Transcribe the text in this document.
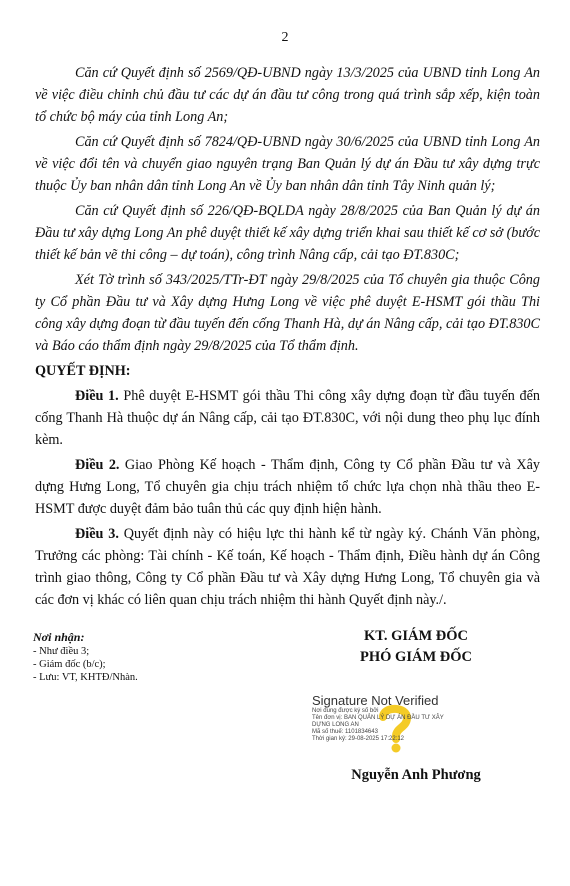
2

Căn cứ Quyết định số 2569/QĐ-UBND ngày 13/3/2025 của UBND tỉnh Long An về việc điều chỉnh chủ đầu tư các dự án đầu tư công trong quá trình sắp xếp, kiện toàn tổ chức bộ máy của tỉnh Long An;

Căn cứ Quyết định số 7824/QĐ-UBND ngày 30/6/2025 của UBND tỉnh Long An về việc đổi tên và chuyển giao nguyên trạng Ban Quản lý dự án Đầu tư xây dựng trực thuộc Ủy ban nhân dân tỉnh Long An về Ủy ban nhân dân tỉnh Tây Ninh quản lý;

Căn cứ Quyết định số 226/QĐ-BQLDA ngày 28/8/2025 của Ban Quản lý dự án Đầu tư xây dựng Long An phê duyệt thiết kế xây dựng triển khai sau thiết kế cơ sở (bước thiết kế bản vẽ thi công – dự toán), công trình Nâng cấp, cải tạo ĐT.830C;

Xét Tờ trình số 343/2025/TTr-ĐT ngày 29/8/2025 của Tổ chuyên gia thuộc Công ty Cổ phần Đầu tư và Xây dựng Hưng Long về việc phê duyệt E-HSMT gói thầu Thi công xây dựng đoạn từ đầu tuyến đến cống Thanh Hà, dự án Nâng cấp, cải tạo ĐT.830C và Báo cáo thẩm định ngày 29/8/2025 của Tổ thẩm định.

QUYẾT ĐỊNH:

Điều 1. Phê duyệt E-HSMT gói thầu Thi công xây dựng đoạn từ đầu tuyến đến cống Thanh Hà thuộc dự án Nâng cấp, cải tạo ĐT.830C, với nội dung theo phụ lục đính kèm.

Điều 2. Giao Phòng Kế hoạch - Thẩm định, Công ty Cổ phần Đầu tư và Xây dựng Hưng Long, Tổ chuyên gia chịu trách nhiệm tổ chức lựa chọn nhà thầu theo E-HSMT được duyệt đảm bảo tuân thủ các quy định hiện hành.

Điều 3. Quyết định này có hiệu lực thi hành kể từ ngày ký. Chánh Văn phòng, Trưởng các phòng: Tài chính - Kế toán, Kế hoạch - Thẩm định, Điều hành dự án Công trình giao thông, Công ty Cổ phần Đầu tư và Xây dựng Hưng Long, Tổ chuyên gia và các đơn vị khác có liên quan chịu trách nhiệm thi hành Quyết định này./.

Nơi nhận:
- Như điều 3;
- Giám đốc (b/c);
- Lưu: VT, KHTĐ/Nhàn.
KT. GIÁM ĐỐC
PHÓ GIÁM ĐỐC
Signature Not Verified
Nơi dung được ký số bởi
Tên đơn vị: BAN QUẢN LÝ DỰ ÁN ĐẦU TƯ XÂY
DỰNG LONG AN
Mã số thuế: 1101834643
Thời gian ký: 29-08-2025 17:22:12
Nguyễn Anh Phương
